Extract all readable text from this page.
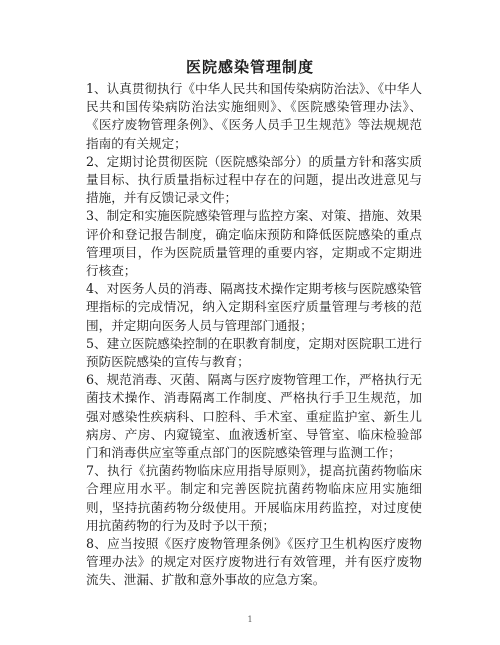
医院感染管理制度

1、认真贯彻执行《中华人民共和国传染病防治法》、《中华人民共和国传染病防治法实施细则》、《医院感染管理办法》、《医疗废物管理条例》、《医务人员手卫生规范》等法规规范指南的有关规定；

2、定期讨论贯彻医院（医院感染部分）的质量方针和落实质量目标、执行质量指标过程中存在的问题，提出改进意见与措施，并有反馈记录文件；

3、制定和实施医院感染管理与监控方案、对策、措施、效果评价和登记报告制度，确定临床预防和降低医院感染的重点管理项目，作为医院质量管理的重要内容，定期或不定期进行核查；

4、对医务人员的消毒、隔离技术操作定期考核与医院感染管理指标的完成情况，纳入定期科室医疗质量管理与考核的范围，并定期向医务人员与管理部门通报；

5、建立医院感染控制的在职教育制度，定期对医院职工进行预防医院感染的宣传与教育；

6、规范消毒、灭菌、隔离与医疗废物管理工作，严格执行无菌技术操作、消毒隔离工作制度、严格执行手卫生规范，加强对感染性疾病科、口腔科、手术室、重症监护室、新生儿病房、产房、内窥镜室、血液透析室、导管室、临床检验部门和消毒供应室等重点部门的医院感染管理与监测工作；

7、执行《抗菌药物临床应用指导原则》，提高抗菌药物临床合理应用水平。制定和完善医院抗菌药物临床应用实施细则，坚持抗菌药物分级使用。开展临床用药监控，对过度使用抗菌药物的行为及时予以干预；

8、应当按照《医疗废物管理条例》《医疗卫生机构医疗废物管理办法》的规定对医疗废物进行有效管理，并有医疗废物流失、泄漏、扩散和意外事故的应急方案。

1
